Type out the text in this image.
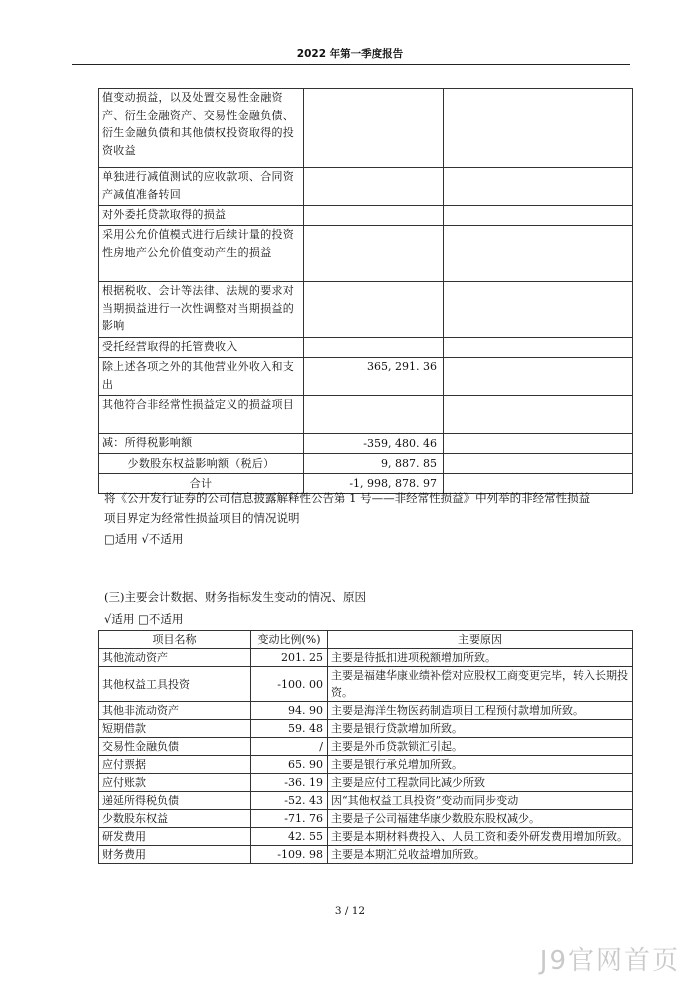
2022 年第一季度报告
值变动损益，以及处置交易性金融资产、衍生金融资产、交易性金融负债、衍生金融负债和其他债权投资取得的投资收益		
单独进行减值测试的应收款项、合同资产减值准备转回		
对外委托贷款取得的损益		
采用公允价值模式进行后续计量的投资性房地产公允价值变动产生的损益		
根据税收、会计等法律、法规的要求对当期损益进行一次性调整对当期损益的影响		
受托经营取得的托管费收入		
除上述各项之外的其他营业外收入和支出	365, 291. 36	
其他符合非经常性损益定义的损益项目		
减：所得税影响额	-359, 480. 46	
少数股东权益影响额（税后）	9, 887. 85	
合计	-1, 998, 878. 97	
将《公开发行证券的公司信息披露解释性公告第 1 号——非经常性损益》中列举的非经常性损益
项目界定为经常性损益项目的情况说明
□适用 √不适用
(三)主要会计数据、财务指标发生变动的情况、原因
√适用 □不适用
项目名称	变动比例(%)	主要原因
其他流动资产	201. 25	主要是待抵扣进项税额增加所致。
其他权益工具投资	-100. 00	主要是福建华康业绩补偿对应股权工商变更完毕，转入长期投资。
其他非流动资产	94. 90	主要是海洋生物医药制造项目工程预付款增加所致。
短期借款	59. 48	主要是银行贷款增加所致。
交易性金融负债	/	主要是外币贷款锁汇引起。
应付票据	65. 90	主要是银行承兑增加所致。
应付账款	-36. 19	主要是应付工程款同比减少所致
递延所得税负债	-52. 43	因“其他权益工具投资”变动而同步变动
少数股东权益	-71. 76	主要是子公司福建华康少数股东股权减少。
研发费用	42. 55	主要是本期材料费投入、人员工资和委外研发费用增加所致。
财务费用	-109. 98	主要是本期汇兑收益增加所致。
3 / 12
J9官网首页
